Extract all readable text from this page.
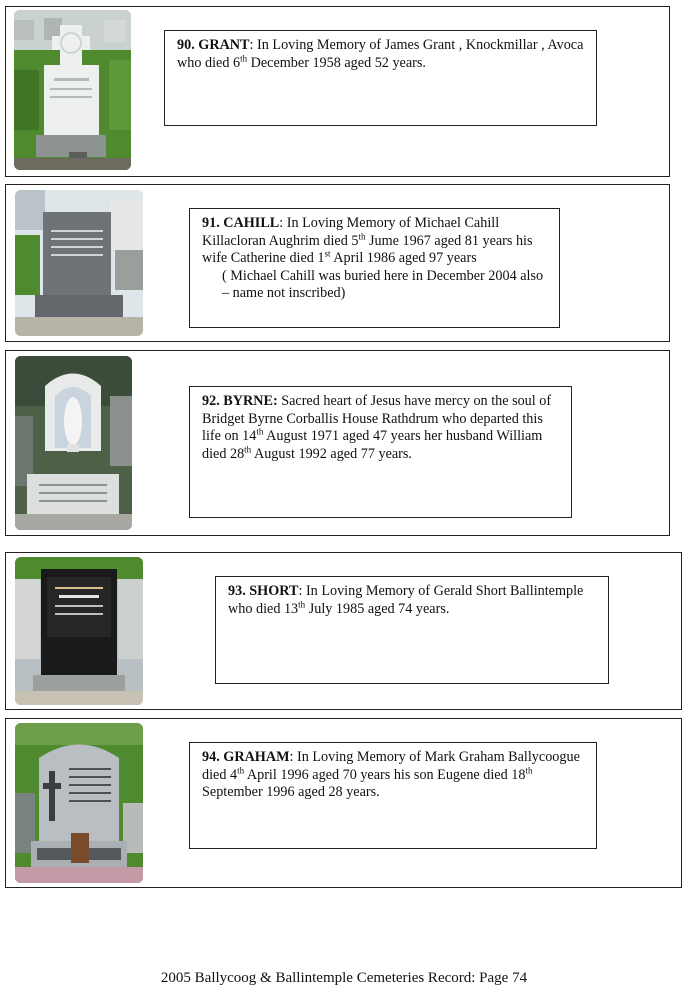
90. GRANT: In Loving Memory of James Grant , Knockmillar , Avoca who died 6th December 1958 aged 52 years.
91. CAHILL: In Loving Memory of Michael Cahill Killacloran Aughrim died 5th Jume 1967 aged 81 years his wife Catherine died 1st April 1986 aged 97 years
( Michael Cahill was buried here in December 2004 also – name not inscribed)
92. BYRNE: Sacred heart of Jesus have mercy on the soul of Bridget Byrne Corballis House Rathdrum who departed this life on 14th August 1971 aged 47 years her husband William died 28th August 1992 aged 77 years.
93. SHORT: In Loving Memory of Gerald Short Ballintemple who died 13th July 1985 aged 74 years.
94. GRAHAM: In Loving Memory of Mark Graham Ballycoogue died 4th April 1996 aged 70 years his son Eugene died 18th September 1996 aged 28 years.
2005 Ballycoog & Ballintemple Cemeteries Record: Page 74
